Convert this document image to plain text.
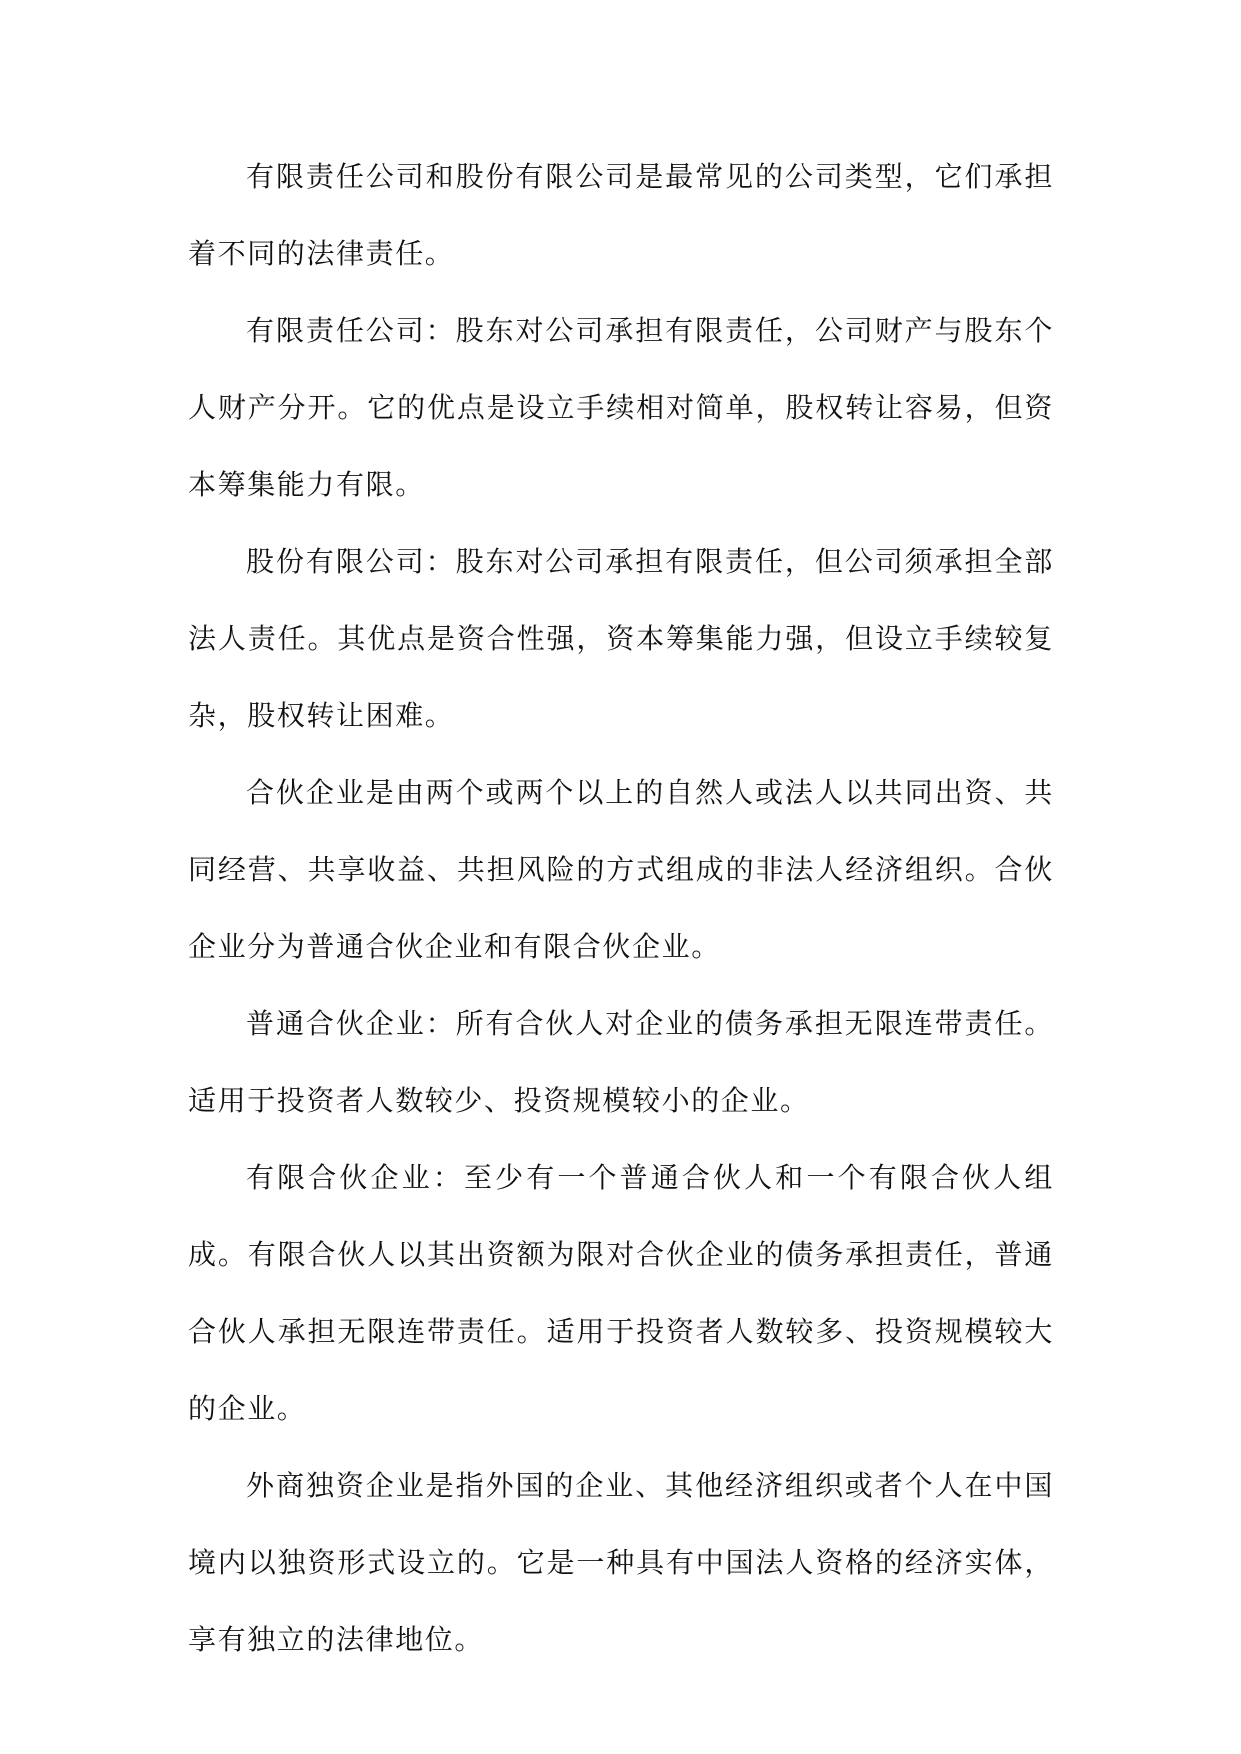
有限责任公司和股份有限公司是最常见的公司类型，它们承担着不同的法律责任。

有限责任公司：股东对公司承担有限责任，公司财产与股东个人财产分开。它的优点是设立手续相对简单，股权转让容易，但资本筹集能力有限。

股份有限公司：股东对公司承担有限责任，但公司须承担全部法人责任。其优点是资合性强，资本筹集能力强，但设立手续较复杂，股权转让困难。

合伙企业是由两个或两个以上的自然人或法人以共同出资、共同经营、共享收益、共担风险的方式组成的非法人经济组织。合伙企业分为普通合伙企业和有限合伙企业。

普通合伙企业：所有合伙人对企业的债务承担无限连带责任。适用于投资者人数较少、投资规模较小的企业。

有限合伙企业：至少有一个普通合伙人和一个有限合伙人组成。有限合伙人以其出资额为限对合伙企业的债务承担责任，普通合伙人承担无限连带责任。适用于投资者人数较多、投资规模较大的企业。

外商独资企业是指外国的企业、其他经济组织或者个人在中国境内以独资形式设立的。它是一种具有中国法人资格的经济实体，享有独立的法律地位。
